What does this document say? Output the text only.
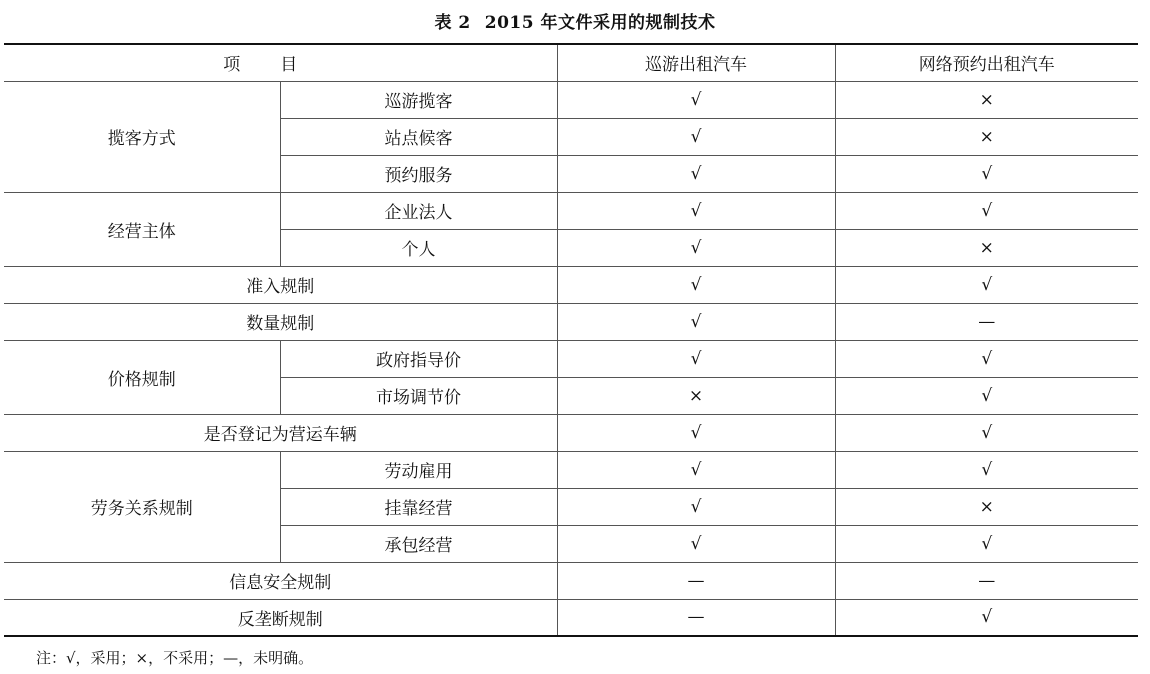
表 2 2015 年文件采用的规制技术
项目		巡游出租汽车	网络预约出租汽车
揽客方式	巡游揽客	√	×
	站点候客	√	×
	预约服务	√	√
经营主体	企业法人	√	√
	个人	√	×
准入规制		√	√
数量规制		√	—
价格规制	政府指导价	√	√
	市场调节价	×	√
是否登记为营运车辆		√	√
劳务关系规制	劳动雇用	√	√
	挂靠经营	√	×
	承包经营	√	√
信息安全规制		—	—
反垄断规制		—	√
注：√，采用；×，不采用；—，未明确。
